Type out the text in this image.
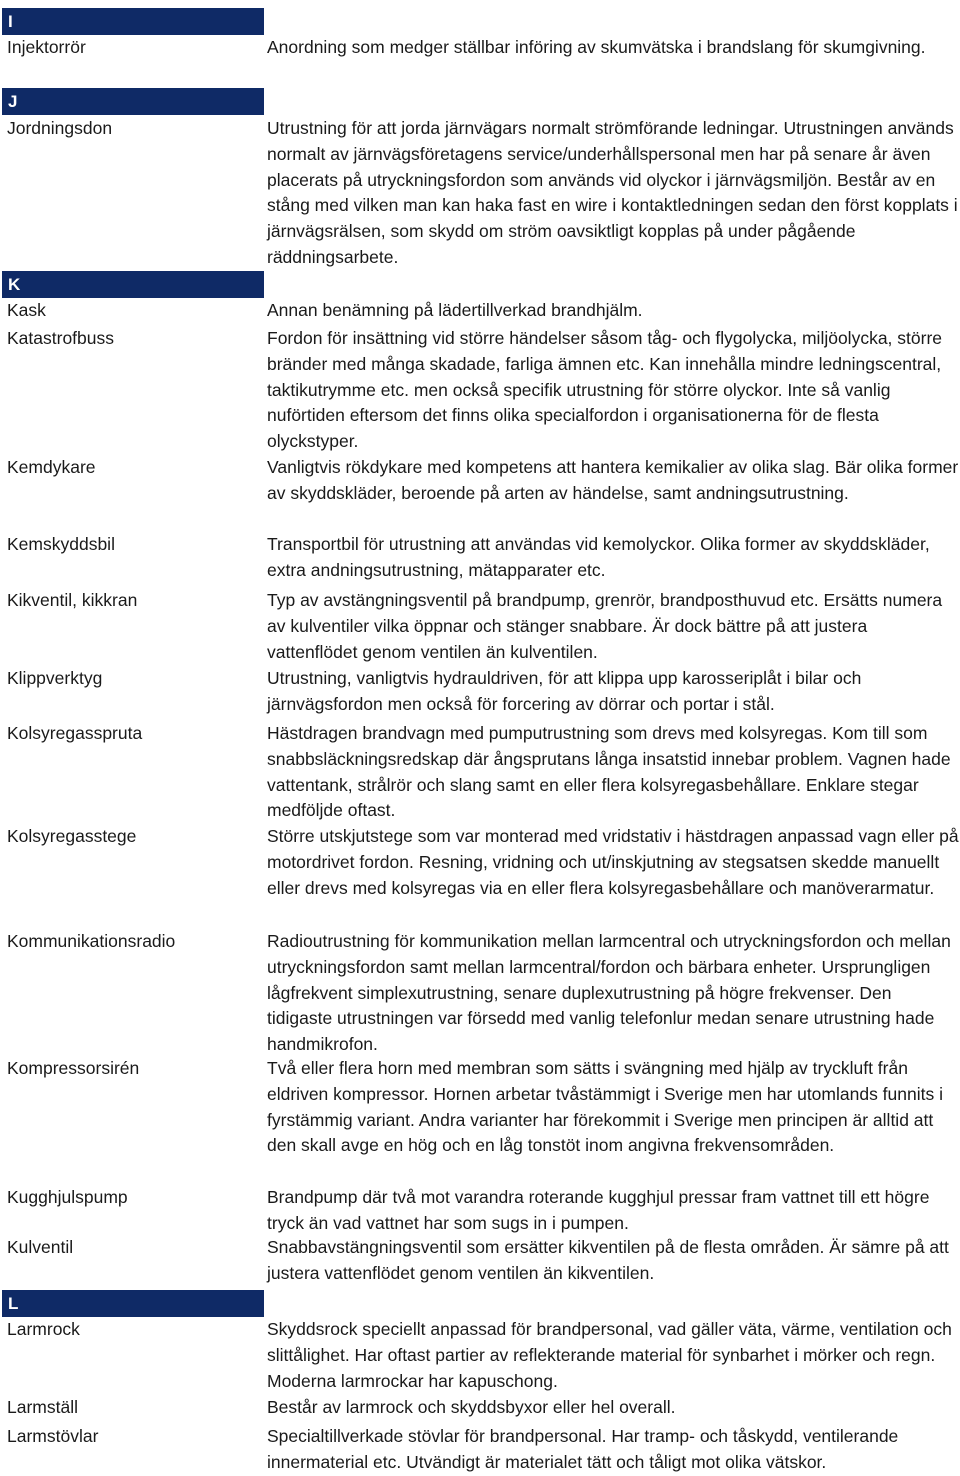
I
Injektorrör	Anordning som medger ställbar införing av skumvätska i brandslang för skumgivning.
J
Jordningsdon	Utrustning för att jorda järnvägars normalt strömförande ledningar. Utrustningen används normalt av järnvägsföretagens service/underhållspersonal men har på senare år även placerats på utryckningsfordon som används vid olyckor i järnvägsmiljön. Består av en stång med vilken man kan haka fast en wire i kontaktledningen sedan den först kopplats i järnvägsrälsen, som skydd om ström oavsiktligt kopplas på under pågående räddningsarbete.
K
Kask	Annan benämning på lädertillverkad brandhjälm.
Katastrofbuss	Fordon för insättning vid större händelser såsom tåg- och flygolycka, miljöolycka, större bränder med många skadade, farliga ämnen etc. Kan innehålla mindre ledningscentral, taktikutrymme etc. men också specifik utrustning för större olyckor. Inte så vanlig nuförtiden eftersom det finns olika specialfordon i organisationerna för de flesta olyckstyper.
Kemdykare	Vanligtvis rökdykare med kompetens att hantera kemikalier av olika slag. Bär olika former av skyddskläder, beroende på arten av händelse, samt andningsutrustning.
Kemskyddsbil	Transportbil för utrustning att användas vid kemolyckor. Olika former av skyddskläder, extra andningsutrustning, mätapparater etc.
Kikventil, kikkran	Typ av avstängningsventil på brandpump, grenrör, brandposthuvud etc. Ersätts numera av kulventiler vilka öppnar och stänger snabbare. Är dock bättre på att justera vattenflödet genom ventilen än kulventilen.
Klippverktyg	Utrustning, vanligtvis hydrauldriven, för att klippa upp karosseriplåt i bilar och järnvägsfordon men också för forcering av dörrar och portar i stål.
Kolsyregasspruta	Hästdragen brandvagn med pumputrustning som drevs med kolsyregas. Kom till som snabbsläckningsredskap där ångsprutans långa insatstid innebar problem. Vagnen hade vattentank, strålrör och slang samt en eller flera kolsyregasbehållare. Enklare stegar medföljde oftast.
Kolsyregasstege	Större utskjutstege som var monterad med vridstativ i hästdragen anpassad vagn eller på motordrivet fordon. Resning, vridning och ut/inskjutning av stegsatsen skedde manuellt eller drevs med kolsyregas via en eller flera kolsyregasbehållare och manöverarmatur.
Kommunikationsradio	Radioutrustning för kommunikation mellan larmcentral och utryckningsfordon och mellan utryckningsfordon samt mellan larmcentral/fordon och bärbara enheter. Ursprungligen lågfrekvent simplexutrustning, senare duplexutrustning på högre frekvenser. Den tidigaste utrustningen var försedd med vanlig telefonlur medan senare utrustning hade handmikrofon.
Kompressorsirén	Två eller flera horn med membran som sätts i svängning med hjälp av tryckluft från eldriven kompressor. Hornen arbetar tvåstämmigt i Sverige men har utomlands funnits i fyrstämmig variant. Andra varianter har förekommit i Sverige men principen är alltid att den skall avge en hög och en låg tonstöt inom angivna frekvensområden.
Kugghjulspump	Brandpump där två mot varandra roterande kugghjul pressar fram vattnet till ett högre tryck än vad vattnet har som sugs in i pumpen.
Kulventil	Snabbavstängningsventil som ersätter kikventilen på de flesta områden. Är sämre på att justera vattenflödet genom ventilen än kikventilen.
L
Larmrock	Skyddsrock speciellt anpassad för brandpersonal, vad gäller väta, värme, ventilation och slittålighet. Har oftast partier av reflekterande material för synbarhet i mörker och regn. Moderna larmrockar har kapuschong.
Larmställ	Består av larmrock och skyddsbyxor eller hel overall.
Larmstövlar	Specialtillverkade stövlar för brandpersonal. Har tramp- och tåskydd, ventilerande innermaterial etc. Utvändigt är materialet tätt och tåligt mot olika vätskor.
